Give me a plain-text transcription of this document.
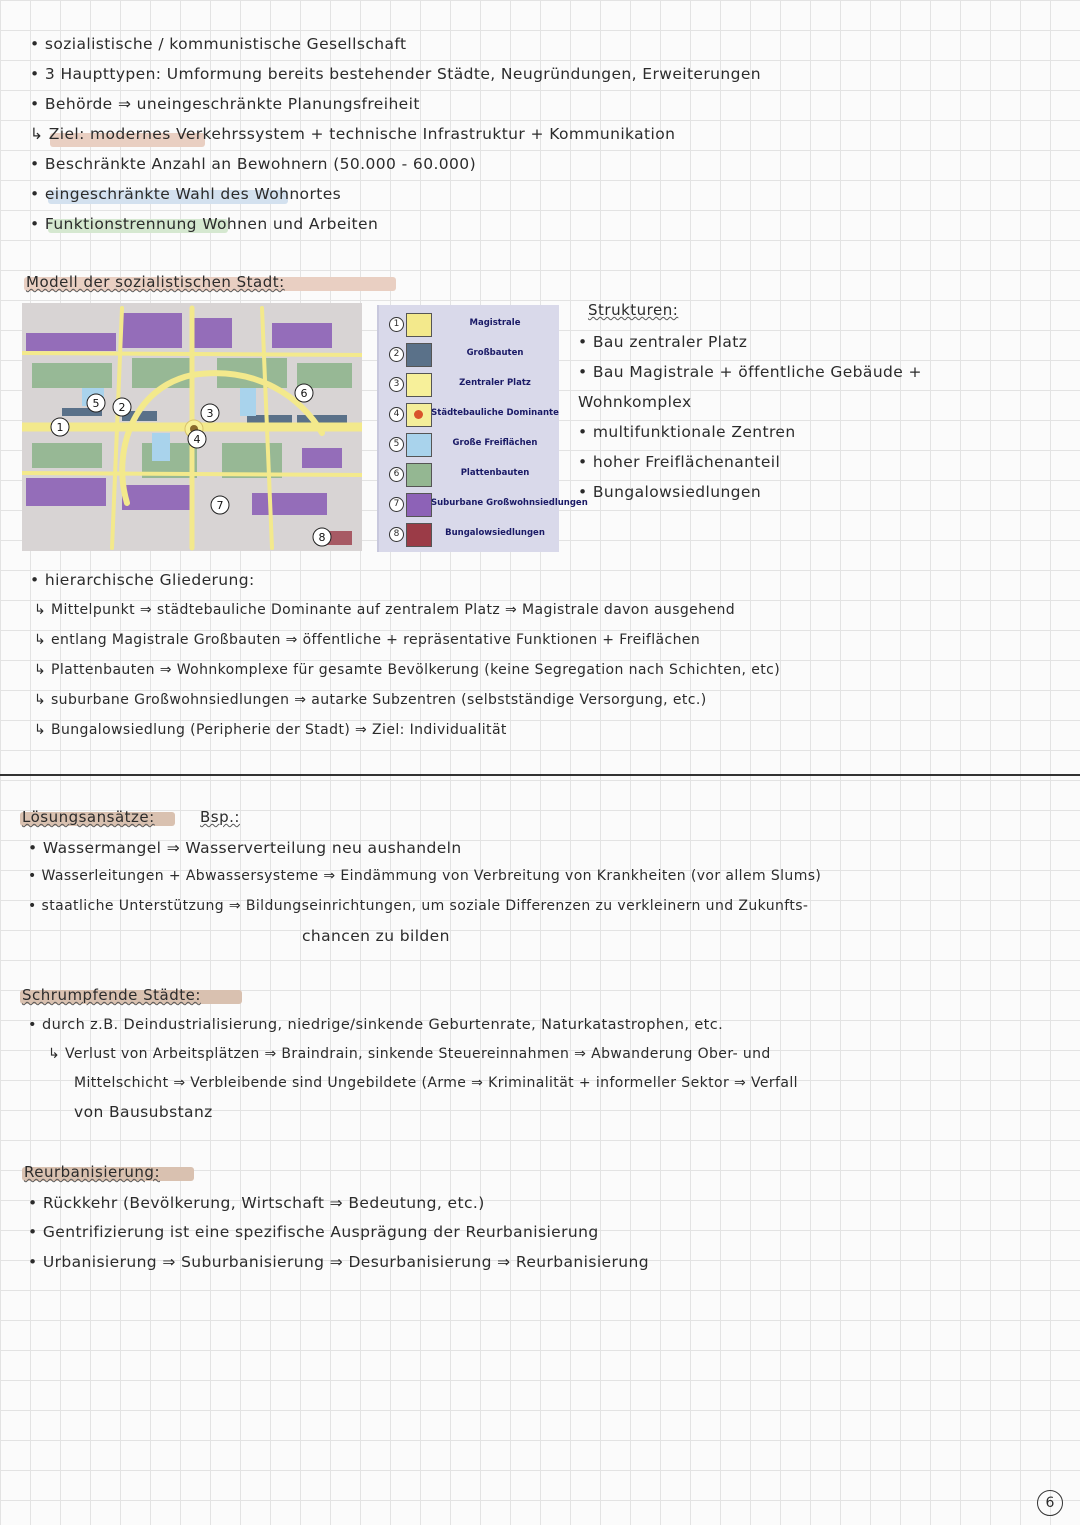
• sozialistische / kommunistische Gesellschaft
• 3 Haupttypen: Umformung bereits bestehender Städte, Neugründungen, Erweiterungen
• Behörde ⇒ uneingeschränkte Planungsfreiheit
↳ Ziel: modernes Verkehrssystem + technische Infrastruktur + Kommunikation
• Beschränkte Anzahl an Bewohnern (50.000 - 60.000)
• eingeschränkte Wahl des Wohnortes
• Funktionstrennung Wohnen und Arbeiten
Modell der sozialistischen Stadt:
1
2	3
4
5
6
7
8
1	Magistrale
2	Großbauten
3	Zentraler Platz
4	Städtebauliche Dominante
5	Große Freiflächen
6	Plattenbauten
7	Suburbane Großwohnsiedlungen
8	Bungalowsiedlungen
Strukturen:
• Bau zentraler Platz
• Bau Magistrale + öffentliche Gebäude +
Wohnkomplex
• multifunktionale Zentren
• hoher Freiflächenanteil
• Bungalowsiedlungen
• hierarchische Gliederung:
↳ Mittelpunkt ⇒ städtebauliche Dominante auf zentralem Platz ⇒ Magistrale davon ausgehend
↳ entlang Magistrale Großbauten ⇒ öffentliche + repräsentative Funktionen + Freiflächen
↳ Plattenbauten ⇒ Wohnkomplexe für gesamte Bevölkerung (keine Segregation nach Schichten, etc)
↳ suburbane Großwohnsiedlungen ⇒ autarke Subzentren (selbstständige Versorgung, etc.)
↳ Bungalowsiedlung (Peripherie der Stadt) ⇒ Ziel: Individualität
Lösungsansätze:	Bsp.:
• Wassermangel ⇒ Wasserverteilung neu aushandeln
• Wasserleitungen + Abwassersysteme ⇒ Eindämmung von Verbreitung von Krankheiten (vor allem Slums)
• staatliche Unterstützung ⇒ Bildungseinrichtungen, um soziale Differenzen zu verkleinern und Zukunfts-
chancen zu bilden
Schrumpfende Städte:
• durch z.B. Deindustrialisierung, niedrige/sinkende Geburtenrate, Naturkatastrophen, etc.
↳ Verlust von Arbeitsplätzen ⇒ Braindrain, sinkende Steuereinnahmen ⇒ Abwanderung Ober- und
Mittelschicht ⇒ Verbleibende sind Ungebildete (Arme ⇒ Kriminalität + informeller Sektor ⇒ Verfall
von Bausubstanz
Reurbanisierung:
• Rückkehr (Bevölkerung, Wirtschaft ⇒ Bedeutung, etc.)
• Gentrifizierung ist eine spezifische Ausprägung der Reurbanisierung
• Urbanisierung ⇒ Suburbanisierung ⇒ Desurbanisierung ⇒ Reurbanisierung
6
